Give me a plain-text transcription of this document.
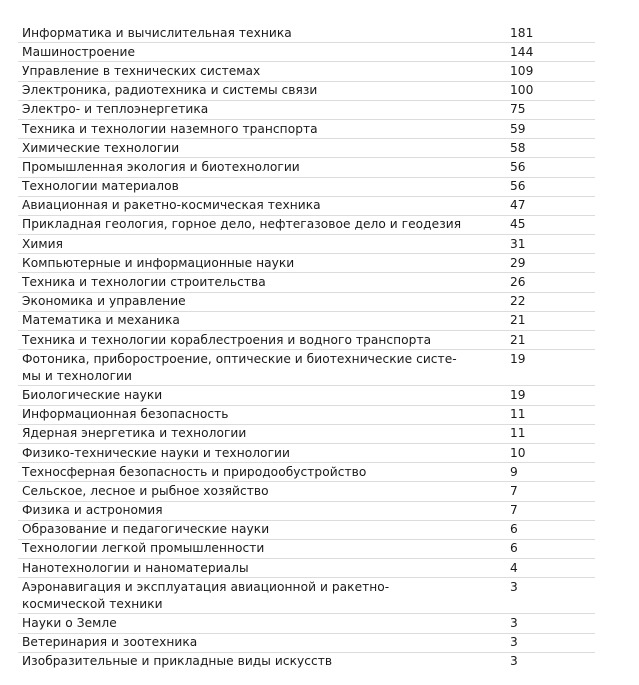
Информатика и вычислительная техника	181
Машиностроение	144
Управление в технических системах	109
Электроника, радиотехника и системы связи	100
Электро- и теплоэнергетика	75
Техника и технологии наземного транспорта	59
Химические технологии	58
Промышленная экология и биотехнологии	56
Технологии материалов	56
Авиационная и ракетно-космическая техника	47
Прикладная геология, горное дело, нефтегазовое дело и геодезия	45
Химия	31
Компьютерные и информационные науки	29
Техника и технологии строительства	26
Экономика и управление	22
Математика и механика	21
Техника и технологии кораблестроения и водного транспорта	21
Фотоника, приборостроение, оптические и биотехнические систе-
мы и технологии	19
Биологические науки	19
Информационная безопасность	11
Ядерная энергетика и технологии	11
Физико-технические науки и технологии	10
Техносферная безопасность и природообустройство	9
Сельское, лесное и рыбное хозяйство	7
Физика и астрономия	7
Образование и педагогические науки	6
Технологии легкой промышленности	6
Нанотехнологии и наноматериалы	4
Аэронавигация и эксплуатация авиационной и ракетно-
космической техники	3
Науки о Земле	3
Ветеринария и зоотехника	3
Изобразительные и прикладные виды искусств	3
